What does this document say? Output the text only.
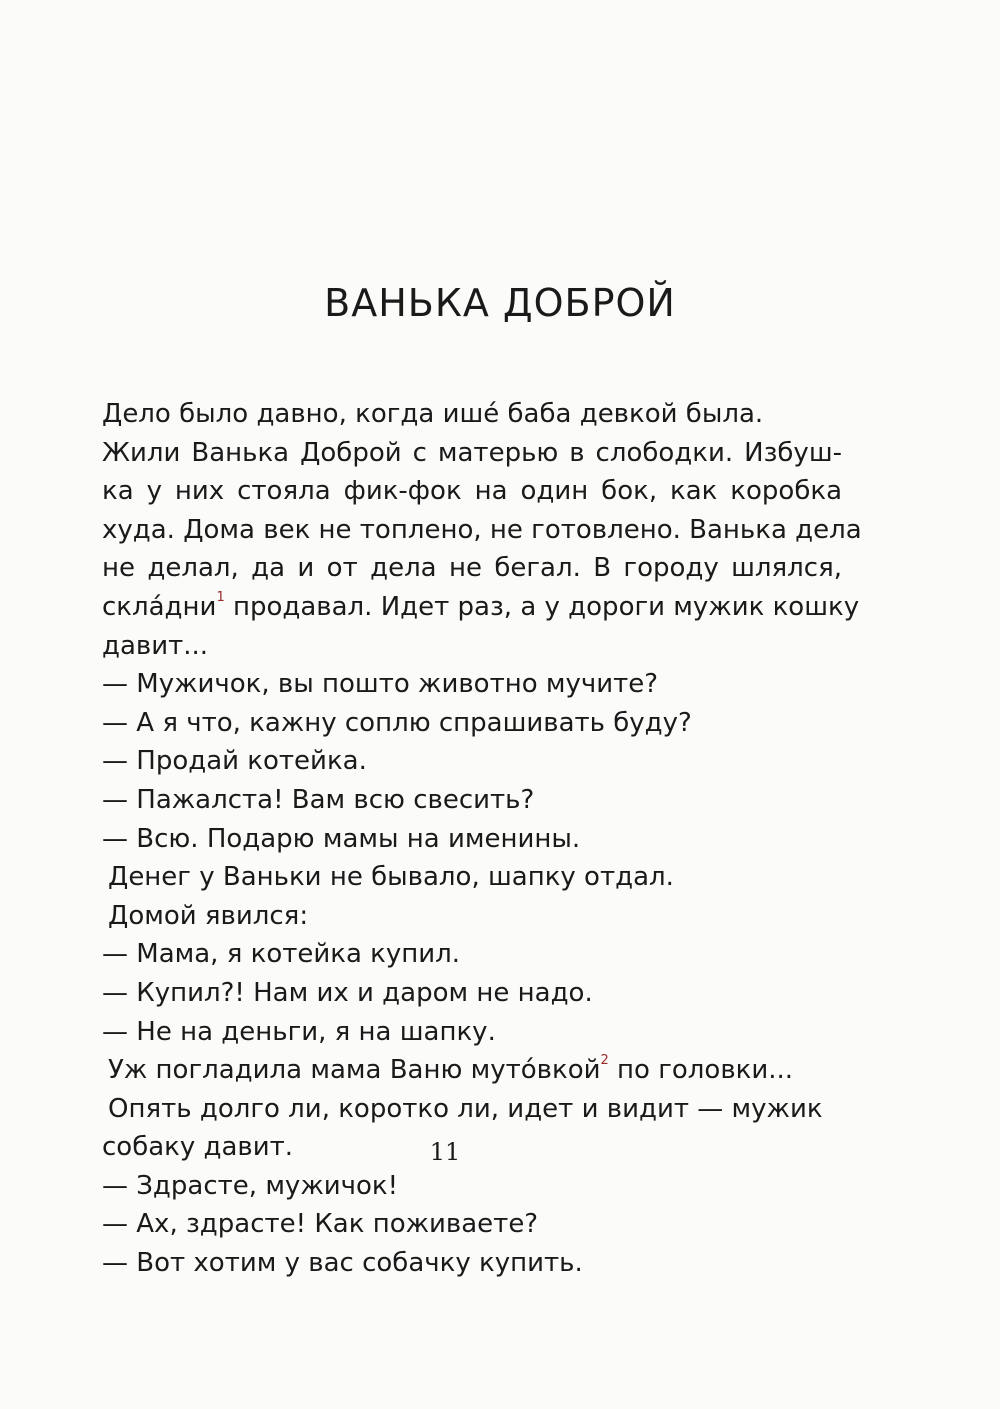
ВАНЬКА ДОБРОЙ
Дело было давно, когда ишé баба девкой была.
Жили Ванька Доброй с матерью в слободки. Избуш-
ка у них стояла фик-фок на один бок, как коробка
худа. Дома век не топлено, не готовлено. Ванька дела
не делал, да и от дела не бегал. В городу шлялся,
склáдни$^1$ продавал. Идет раз, а у дороги мужик кошку
давит...
— Мужичок, вы пошто животно мучите?
— А я что, кажну соплю спрашивать буду?
— Продай котейка.
— Пажалста! Вам всю свесить?
— Всю. Подарю мамы на именины.
Денег у Ваньки не бывало, шапку отдал.
Домой явился:
— Мама, я котейка купил.
— Купил?! Нам их и даром не надо.
— Не на деньги, я на шапку.
Уж погладила мама Ваню мутóвкой$^2$ по головки...
Опять долго ли, коротко ли, идет и видит — мужик
собаку давит.
— Здрасте, мужичок!
— Ах, здрасте! Как поживаете?
— Вот хотим у вас собачку купить.
11
